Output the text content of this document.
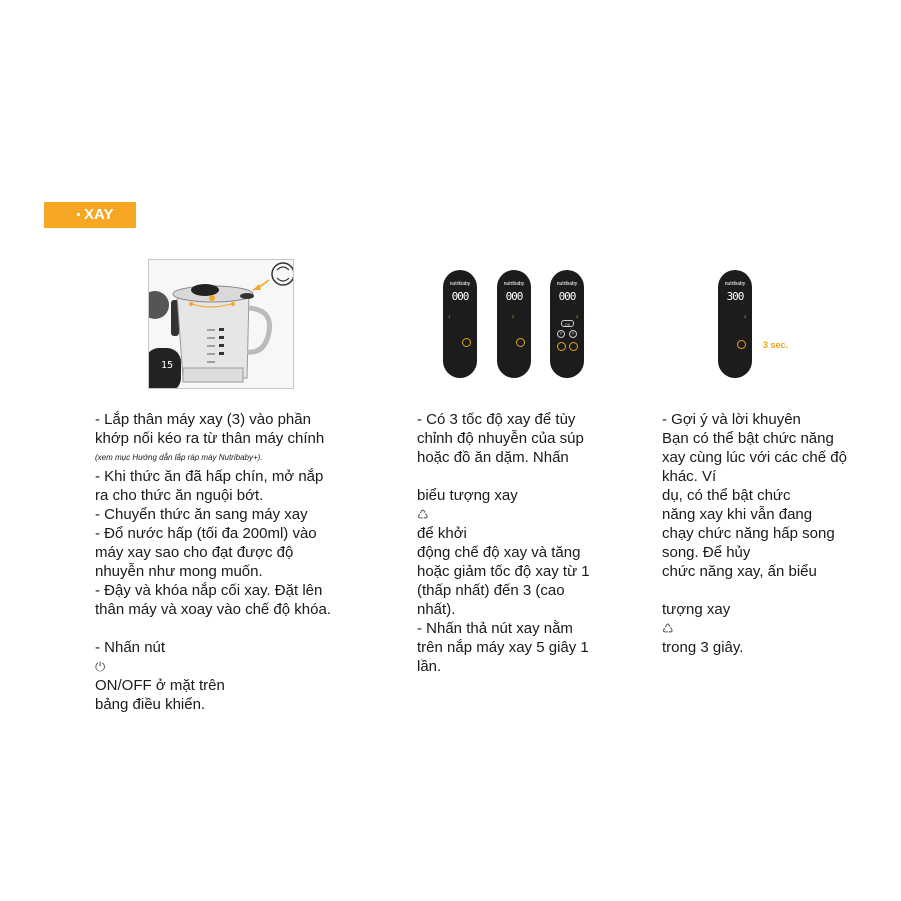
XAY
15
nutribaby
000
1
nutribaby
000
2
nutribaby
000
3
OK
˅	˄
nutribaby
300
3
3 sec.

- Lắp thân máy xay (3) vào phần

khớp nối kéo ra từ thân máy chính

(xem mục Hướng dẫn lắp ráp máy Nutribaby+).

- Khi thức ăn đã hấp chín, mở nắp
ra cho thức ăn nguội bớt.
- Chuyển thức ăn sang máy xay
- Đổ nước hấp (tối đa 200ml) vào
máy xay sao cho đạt được độ
nhuyễn như mong muốn.
- Đậy và khóa nắp cối xay. Đặt lên
thân máy và xoay vào chế độ khóa.

- Nhấn nút
⏻
ON/OFF ở mặt trên

bảng điều khiển.

- Có 3 tốc độ xay để tùy
chỉnh độ nhuyễn của súp
hoặc đồ ăn dặm. Nhấn

biểu tượng xay
♺
để khởi

động chế độ xay và tăng
hoặc giảm tốc độ xay từ 1
(thấp nhất) đến 3 (cao
nhất).
- Nhấn thả nút xay nằm
trên nắp máy xay 5 giây 1
lần.

- Gợi ý và lời khuyên
Bạn có thể bật chức năng
xay cùng lúc với các chế độ
khác. Ví
dụ, có thể bật chức
năng xay khi vẫn đang
chạy chức năng hấp song
song. Để hủy
chức năng xay, ấn biểu

tượng xay
♺
trong 3 giây.
